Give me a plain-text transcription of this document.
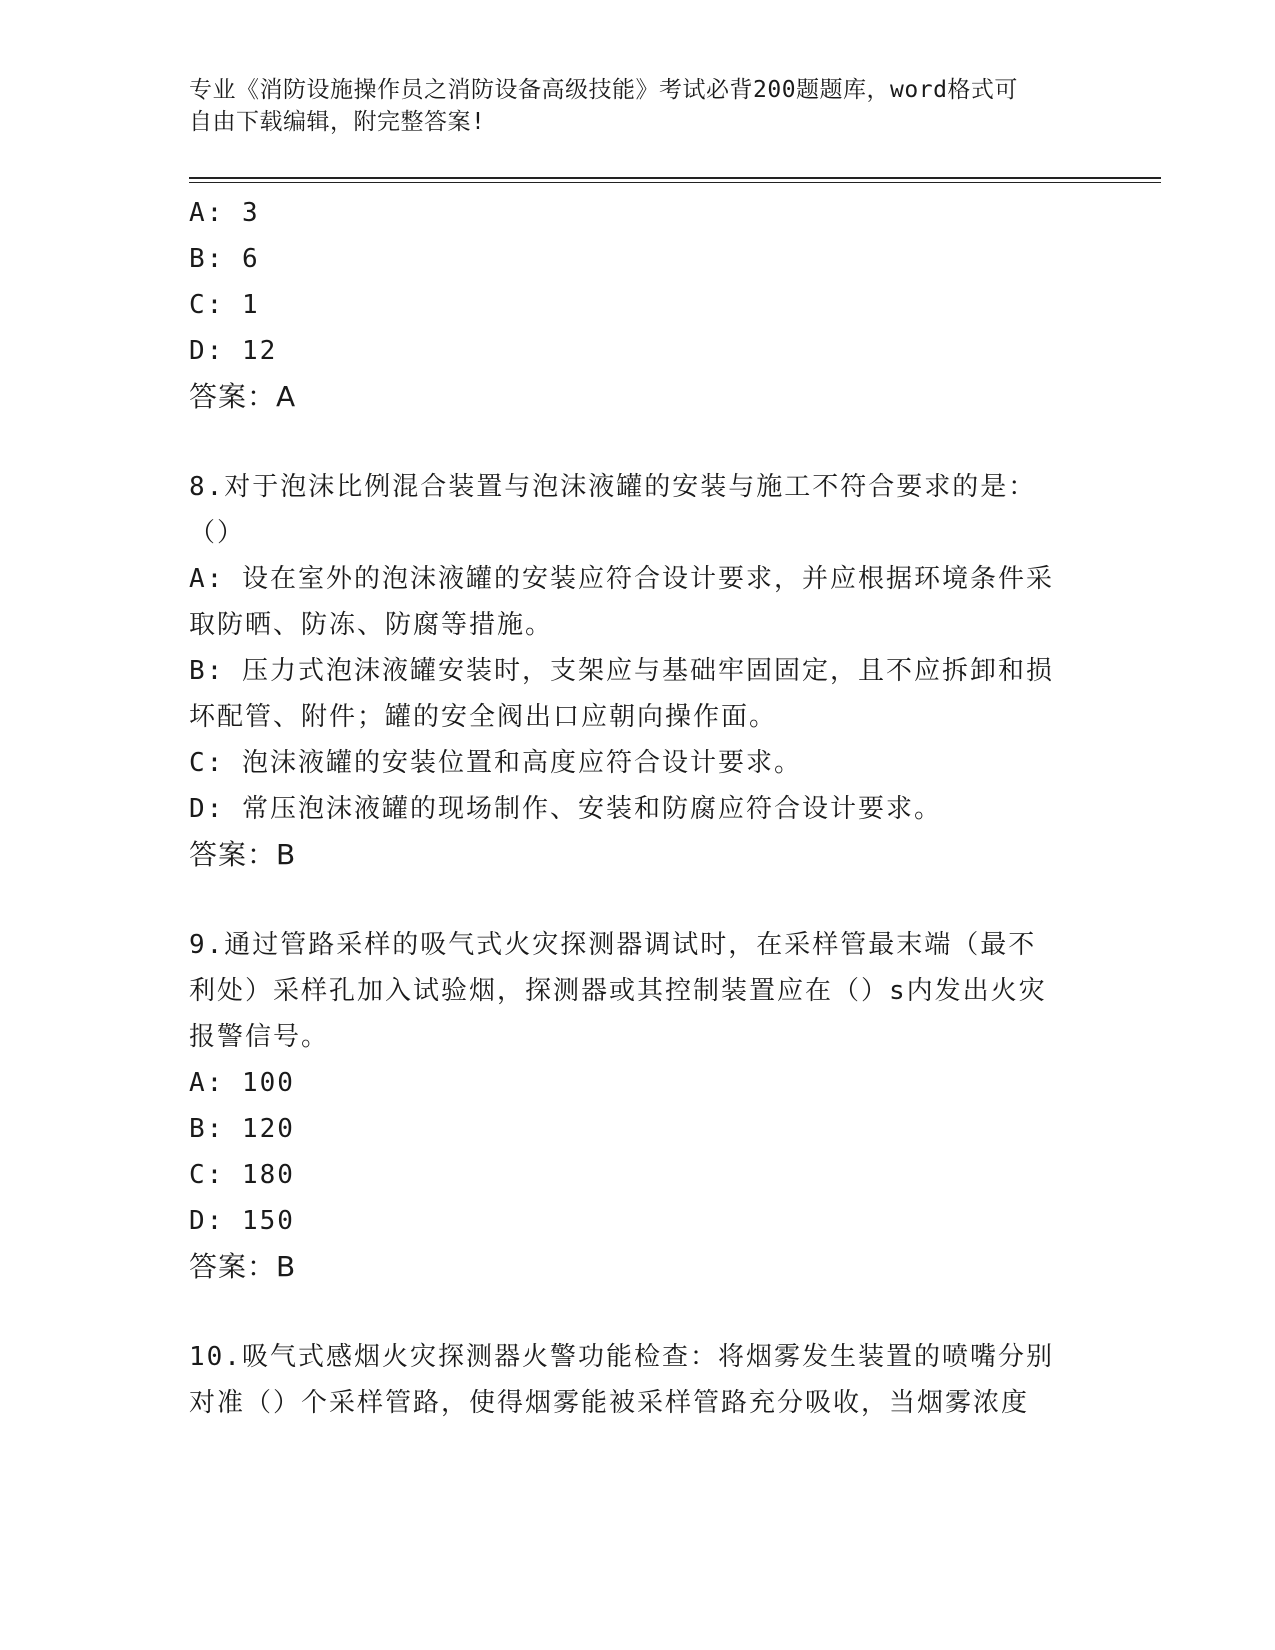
专业《消防设施操作员之消防设备高级技能》考试必背200题题库，word格式可
自由下载编辑，附完整答案!
A: 3
B: 6
C: 1
D: 12
答案：A
8.对于泡沫比例混合装置与泡沫液罐的安装与施工不符合要求的是：
（）
A: 设在室外的泡沫液罐的安装应符合设计要求，并应根据环境条件采
取防晒、防冻、防腐等措施。
B: 压力式泡沫液罐安装时，支架应与基础牢固固定，且不应拆卸和损
坏配管、附件；罐的安全阀出口应朝向操作面。
C: 泡沫液罐的安装位置和高度应符合设计要求。
D: 常压泡沫液罐的现场制作、安装和防腐应符合设计要求。
答案：B
9.通过管路采样的吸气式火灾探测器调试时，在采样管最末端（最不
利处）采样孔加入试验烟，探测器或其控制装置应在（）s内发出火灾
报警信号。
A: 100
B: 120
C: 180
D: 150
答案：B
10.吸气式感烟火灾探测器火警功能检查：将烟雾发生装置的喷嘴分别
对准（）个采样管路，使得烟雾能被采样管路充分吸收，当烟雾浓度
